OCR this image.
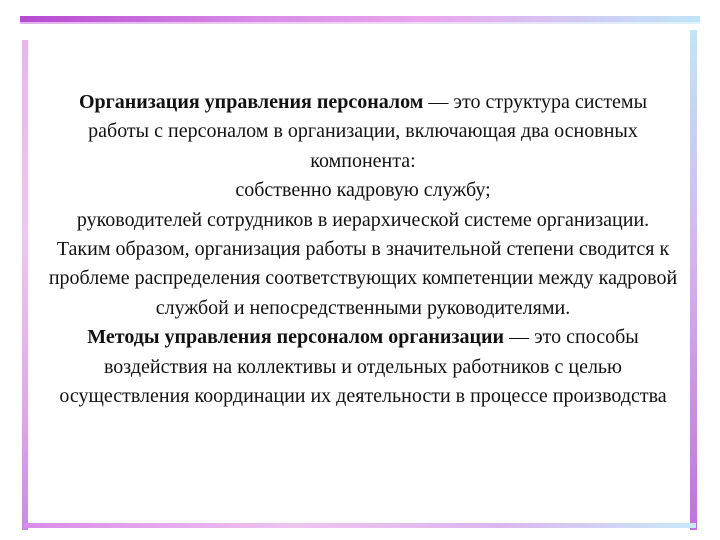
Организация управления персоналом — это структура системы работы с персоналом в организации, включающая два основных компонента:

собственно кадровую службу;

руководителей сотрудников в иерархической системе организации. Таким образом, организация работы в значительной степени сводится к проблеме распределения соответствующих компетенции между кадровой службой и непосредственными руководителями.

Методы управления персоналом организации — это способы воздействия на коллективы и отдельных работников с целью осуществления координации их деятельности в процессе производства
